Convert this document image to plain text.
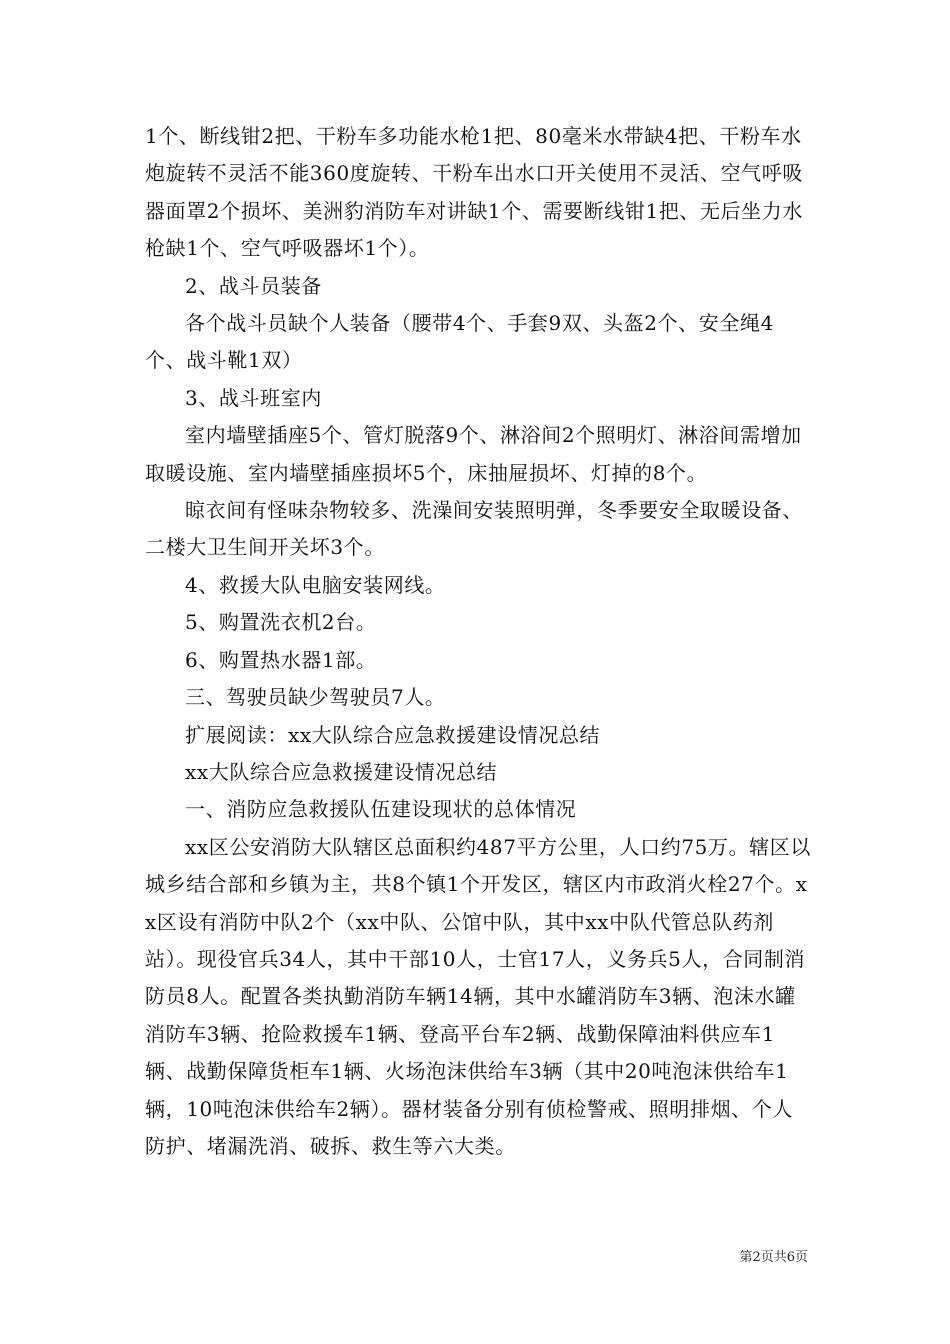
1个、断线钳2把、干粉车多功能水枪1把、80毫米水带缺4把、干粉车水炮旋转不灵活不能360度旋转、干粉车出水口开关使用不灵活、空气呼吸器面罩2个损坏、美洲豹消防车对讲缺1个、需要断线钳1把、无后坐力水枪缺1个、空气呼吸器坏1个）。

2、战斗员装备

各个战斗员缺个人装备（腰带4个、手套9双、头盔2个、安全绳4个、战斗靴1双）

3、战斗班室内

室内墙壁插座5个、管灯脱落9个、淋浴间2个照明灯、淋浴间需增加取暖设施、室内墙壁插座损坏5个，床抽屉损坏、灯掉的8个。

晾衣间有怪味杂物较多、洗澡间安装照明弹，冬季要安全取暖设备、二楼大卫生间开关坏3个。

4、救援大队电脑安装网线。

5、购置洗衣机2台。

6、购置热水器1部。

三、驾驶员缺少驾驶员7人。

扩展阅读：xx大队综合应急救援建设情况总结

xx大队综合应急救援建设情况总结

一、消防应急救援队伍建设现状的总体情况

xx区公安消防大队辖区总面积约487平方公里，人口约75万。辖区以城乡结合部和乡镇为主，共8个镇1个开发区，辖区内市政消火栓27个。xx区设有消防中队2个（xx中队、公馆中队，其中xx中队代管总队药剂站）。现役官兵34人，其中干部10人，士官17人，义务兵5人，合同制消防员8人。配置各类执勤消防车辆14辆，其中水罐消防车3辆、泡沫水罐消防车3辆、抢险救援车1辆、登高平台车2辆、战勤保障油料供应车1辆、战勤保障货柜车1辆、火场泡沫供给车3辆（其中20吨泡沫供给车1辆，10吨泡沫供给车2辆）。器材装备分别有侦检警戒、照明排烟、个人防护、堵漏洗消、破拆、救生等六大类。

第2页共6页
